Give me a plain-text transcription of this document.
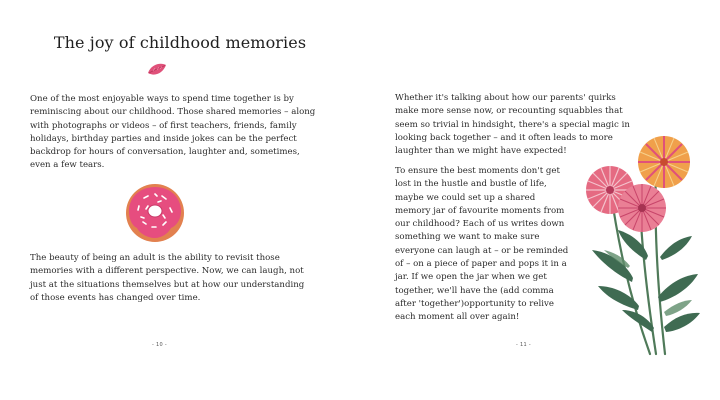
The joy of childhood memories
One of the most enjoyable ways to spend time together is by reminiscing about our childhood. Those shared memories – along with photographs or videos – of first teachers, friends, family holidays, birthday parties and inside jokes can be the perfect backdrop for hours of conversation, laughter and, sometimes, even a few tears.
The beauty of being an adult is the ability to revisit those memories with a different perspective. Now, we can laugh, not just at the situations themselves but at how our understanding of those events has changed over time.
- 10 -
Whether it's talking about how our parents' quirks make more sense now, or recounting squabbles that seem so trivial in hindsight, there's a special magic in looking back together – and it often leads to more laughter than we might have expected!
To ensure the best moments don't get lost in the hustle and bustle of life, maybe we could set up a shared memory jar of favourite moments from our childhood? Each of us writes down something we want to make sure everyone can laugh at – or be reminded of – on a piece of paper and pops it in a jar. If we open the jar when we get together, we'll have the (add comma after 'together')opportunity to relive each moment all over again!
- 11 -
